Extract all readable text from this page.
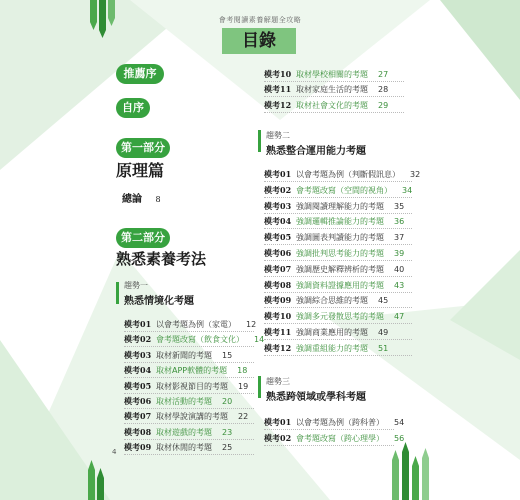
會考閱讀素養解題全攻略
目錄
推薦序
自序
第一部分
原理篇
總論 8
第二部分
熟悉素養考法
趨勢一
熟悉情境化考題
模考01 以會考題為例（家電） 12
模考02 會考題改寫（飲食文化） 14
模考03 取材新聞的考題 15
模考04 取材APP軟體的考題 18
模考05 取材影視節目的考題 19
模考06 取材活動的考題 20
模考07 取材學說演講的考題 22
模考08 取材遊戲的考題 23
模考09 取材休閒的考題 25
模考10 取材學校相關的考題 27
模考11 取材家庭生活的考題 28
模考12 取材社會文化的考題 29
趨勢二
熟悉整合運用能力考題
模考01 以會考題為例（判斷假訊息） 32
模考02 會考題改寫（空間的視角） 34
模考03 強調閱讀理解能力的考題 35
模考04 強調邏輯推論能力的考題 36
模考05 強調圖表判讀能力的考題 37
模考06 強調批判思考能力的考題 39
模考07 強調歷史解釋辨析的考題 40
模考08 強調資料證據應用的考題 43
模考09 強調綜合思維的考題 45
模考10 強調多元發散思考的考題 47
模考11 強調商業應用的考題 49
模考12 強調重組能力的考題 51
趨勢三
熟悉跨領域或學科考題
模考01 以會考題為例（跨科普） 54
模考02 會考題改寫（跨心理學） 56
4
